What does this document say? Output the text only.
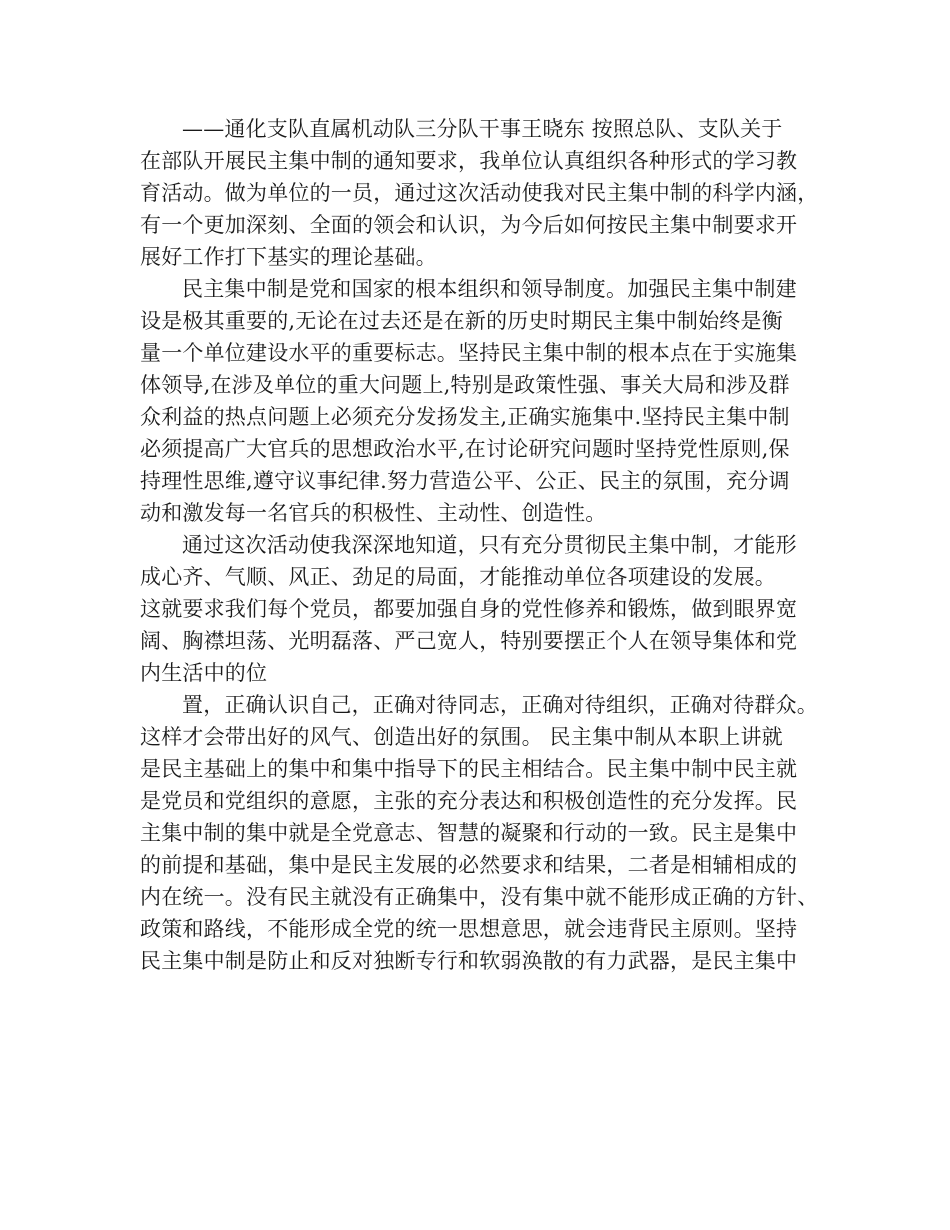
——通化支队直属机动队三分队干事王晓东 按照总队、支队关于
在部队开展民主集中制的通知要求，我单位认真组织各种形式的学习教
育活动。做为单位的一员，通过这次活动使我对民主集中制的科学内涵，
有一个更加深刻、全面的领会和认识，为今后如何按民主集中制要求开
展好工作打下基实的理论基础。
民主集中制是党和国家的根本组织和领导制度。加强民主集中制建
设是极其重要的,无论在过去还是在新的历史时期民主集中制始终是衡
量一个单位建设水平的重要标志。坚持民主集中制的根本点在于实施集
体领导,在涉及单位的重大问题上,特别是政策性强、事关大局和涉及群
众利益的热点问题上必须充分发扬发主,正确实施集中.坚持民主集中制
必须提高广大官兵的思想政治水平,在讨论研究问题时坚持党性原则,保
持理性思维,遵守议事纪律.努力营造公平、公正、民主的氛围，充分调
动和激发每一名官兵的积极性、主动性、创造性。
通过这次活动使我深深地知道，只有充分贯彻民主集中制，才能形
成心齐、气顺、风正、劲足的局面，才能推动单位各项建设的发展。
这就要求我们每个党员，都要加强自身的党性修养和锻炼，做到眼界宽
阔、胸襟坦荡、光明磊落、严己宽人，特别要摆正个人在领导集体和党
内生活中的位
置，正确认识自己，正确对待同志，正确对待组织，正确对待群众。
这样才会带出好的风气、创造出好的氛围。 民主集中制从本职上讲就
是民主基础上的集中和集中指导下的民主相结合。民主集中制中民主就
是党员和党组织的意愿，主张的充分表达和积极创造性的充分发挥。民
主集中制的集中就是全党意志、智慧的凝聚和行动的一致。民主是集中
的前提和基础，集中是民主发展的必然要求和结果，二者是相辅相成的
内在统一。没有民主就没有正确集中，没有集中就不能形成正确的方针、
政策和路线，不能形成全党的统一思想意思，就会违背民主原则。坚持
民主集中制是防止和反对独断专行和软弱涣散的有力武器，是民主集中
